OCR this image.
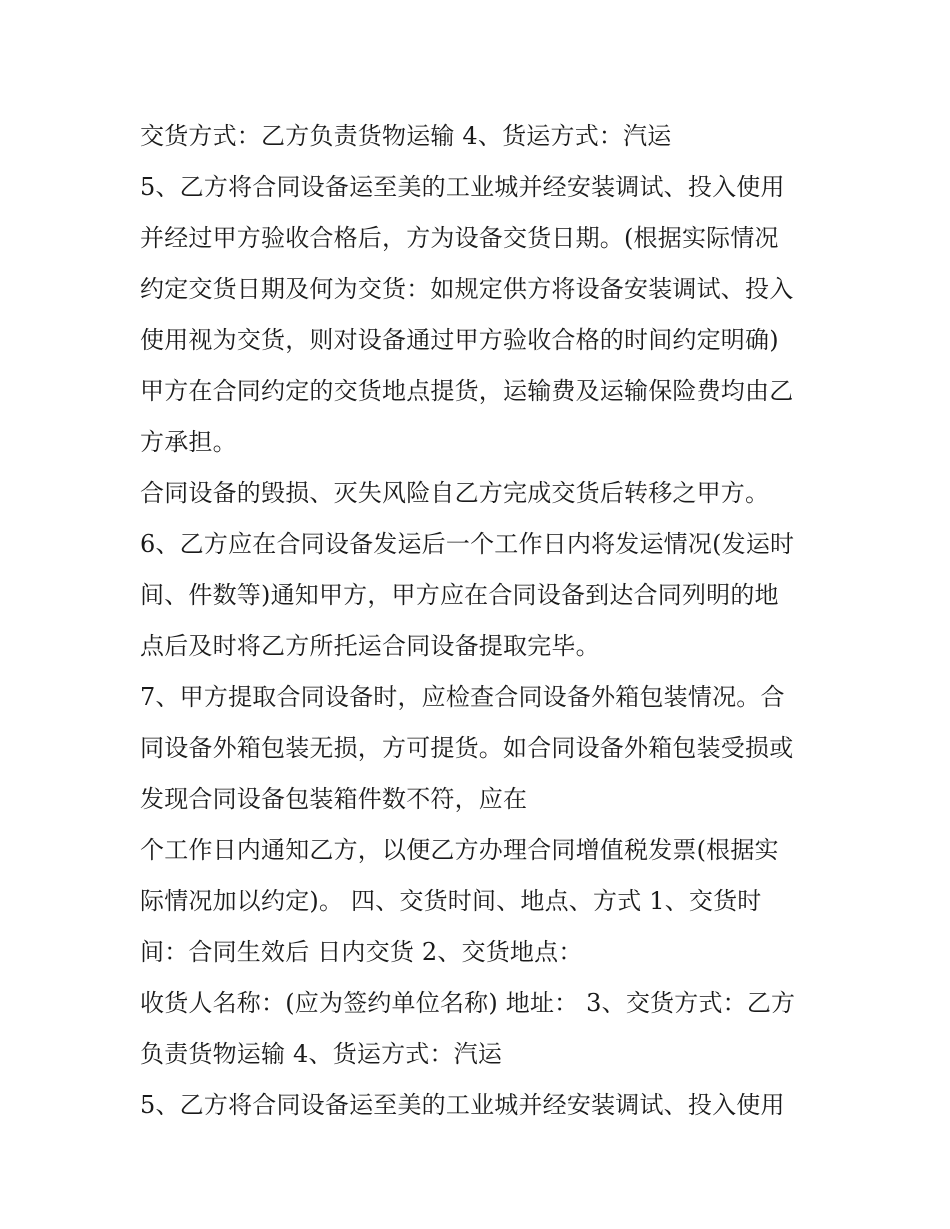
交货方式：乙方负责货物运输 4、货运方式：汽运
5、乙方将合同设备运至美的工业城并经安装调试、投入使用
并经过甲方验收合格后，方为设备交货日期。(根据实际情况
约定交货日期及何为交货：如规定供方将设备安装调试、投入
使用视为交货，则对设备通过甲方验收合格的时间约定明确)
甲方在合同约定的交货地点提货，运输费及运输保险费均由乙
方承担。
合同设备的毁损、灭失风险自乙方完成交货后转移之甲方。
6、乙方应在合同设备发运后一个工作日内将发运情况(发运时
间、件数等)通知甲方，甲方应在合同设备到达合同列明的地
点后及时将乙方所托运合同设备提取完毕。
7、甲方提取合同设备时，应检查合同设备外箱包装情况。合
同设备外箱包装无损，方可提货。如合同设备外箱包装受损或
发现合同设备包装箱件数不符，应在
个工作日内通知乙方，以便乙方办理合同增值税发票(根据实
际情况加以约定)。 四、交货时间、地点、方式 1、交货时
间：合同生效后 日内交货 2、交货地点：
收货人名称：(应为签约单位名称) 地址： 3、交货方式：乙方
负责货物运输 4、货运方式：汽运
5、乙方将合同设备运至美的工业城并经安装调试、投入使用
